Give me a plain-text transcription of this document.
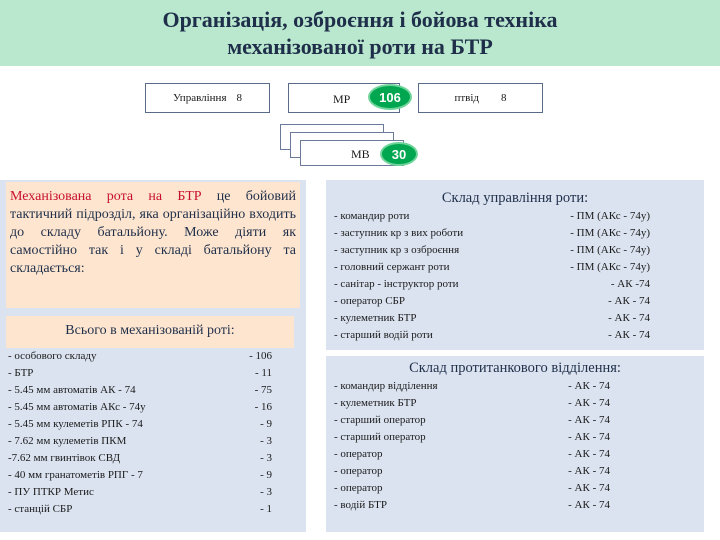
Організація, озброєння і бойова техніка
механізованої роти на БТР
Управління 8	МР 106	птвід 8
МВ 30
Механізована рота на БТР це бойовий тактичний підрозділ, яка організаційно входить до складу батальйону. Може діяти як самостійно так і у складі батальйону та складається:
Всього в механізованій роті:
- особового складу	- 106
- БТР	- 11
- 5.45 мм автоматів АК - 74	- 75
- 5.45 мм автоматів АКс - 74у	- 16
- 5.45 мм кулеметів РПК - 74	- 9
- 7.62 мм кулеметів ПКМ	- 3
-7.62 мм гвинтівок СВД	- 3
- 40 мм гранатометів РПГ - 7	- 9
- ПУ ПТКР Метис	- 3
- станцій СБР	- 1
Склад управління роти:
- командир роти	- ПМ (АКс - 74у)
- заступник кр з вих роботи	- ПМ (АКс - 74у)
- заступник кр з озброєння	- ПМ (АКс - 74у)
- головний сержант роти	- ПМ (АКс - 74у)
- санітар - інструктор роти	- АК -74
- оператор СБР	- АК - 74
- кулеметник БТР	- АК - 74
- старший водій роти	- АК - 74
Склад протитанкового відділення:
- командир відділення	- АК - 74
- кулеметник БТР	- АК - 74
- старший оператор	- АК - 74
- старший оператор	- АК - 74
- оператор	- АК - 74
- оператор	- АК - 74
- оператор	- АК - 74
- водій БТР	- АК - 74
